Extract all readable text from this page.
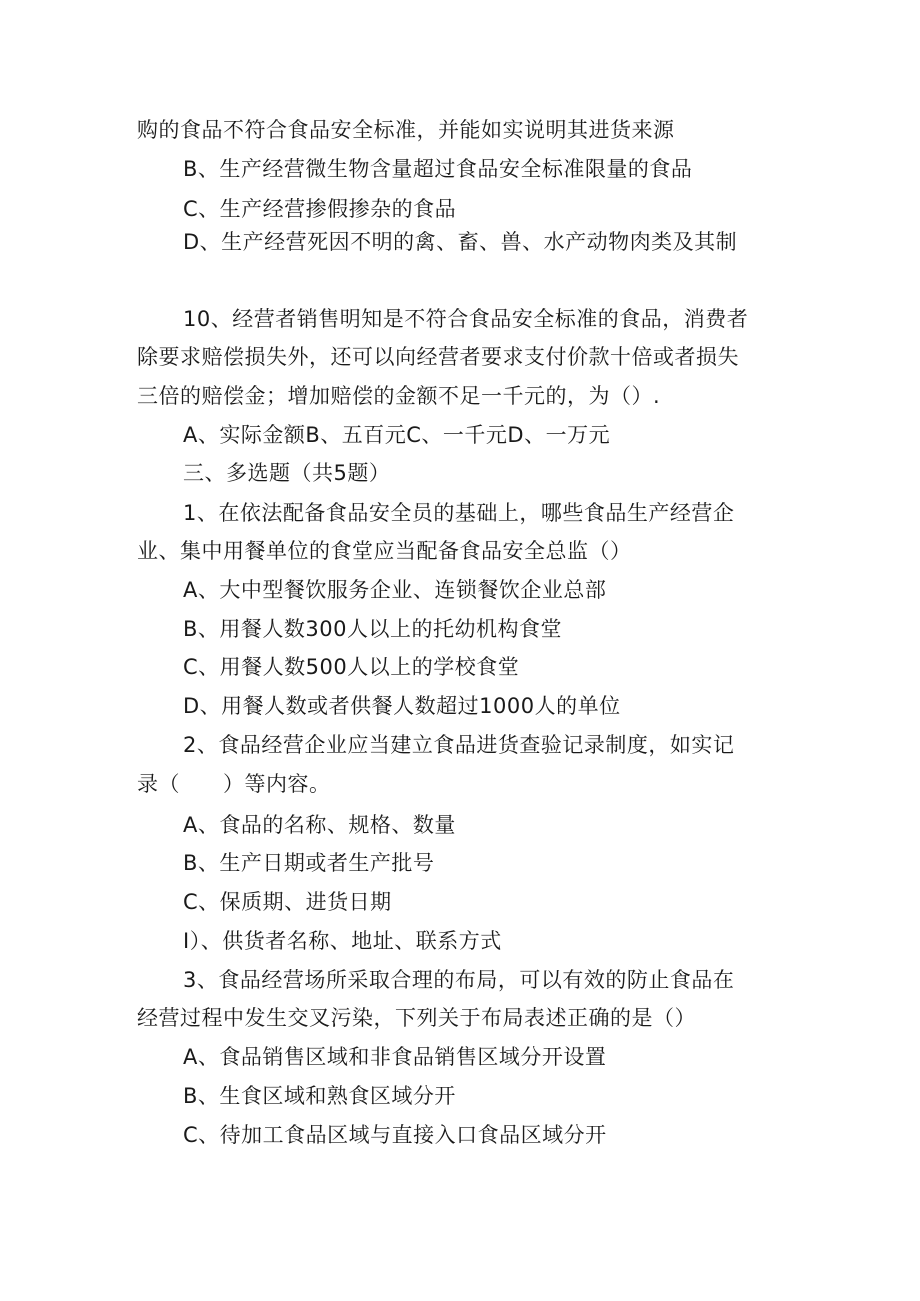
购的食品不符合食品安全标准，并能如实说明其进货来源
B、生产经营微生物含量超过食品安全标准限量的食品
C、生产经营掺假掺杂的食品
D、生产经营死因不明的禽、畜、兽、水产动物肉类及其制
10、经营者销售明知是不符合食品安全标准的食品，消费者
除要求赔偿损失外，还可以向经营者要求支付价款十倍或者损失
三倍的赔偿金；增加赔偿的金额不足一千元的，为（）.
A、实际金额B、五百元C、一千元D、一万元
三、多选题（共5题）
1、在依法配备食品安全员的基础上，哪些食品生产经营企
业、集中用餐单位的食堂应当配备食品安全总监（）
A、大中型餐饮服务企业、连锁餐饮企业总部
B、用餐人数300人以上的托幼机构食堂
C、用餐人数500人以上的学校食堂
D、用餐人数或者供餐人数超过1000人的单位
2、食品经营企业应当建立食品进货查验记录制度，如实记
录（　　）等内容。
A、食品的名称、规格、数量
B、生产日期或者生产批号
C、保质期、进货日期
I）、供货者名称、地址、联系方式
3、食品经营场所采取合理的布局，可以有效的防止食品在
经营过程中发生交叉污染，下列关于布局表述正确的是（）
A、食品销售区域和非食品销售区域分开设置
B、生食区域和熟食区域分开
C、待加工食品区域与直接入口食品区域分开
